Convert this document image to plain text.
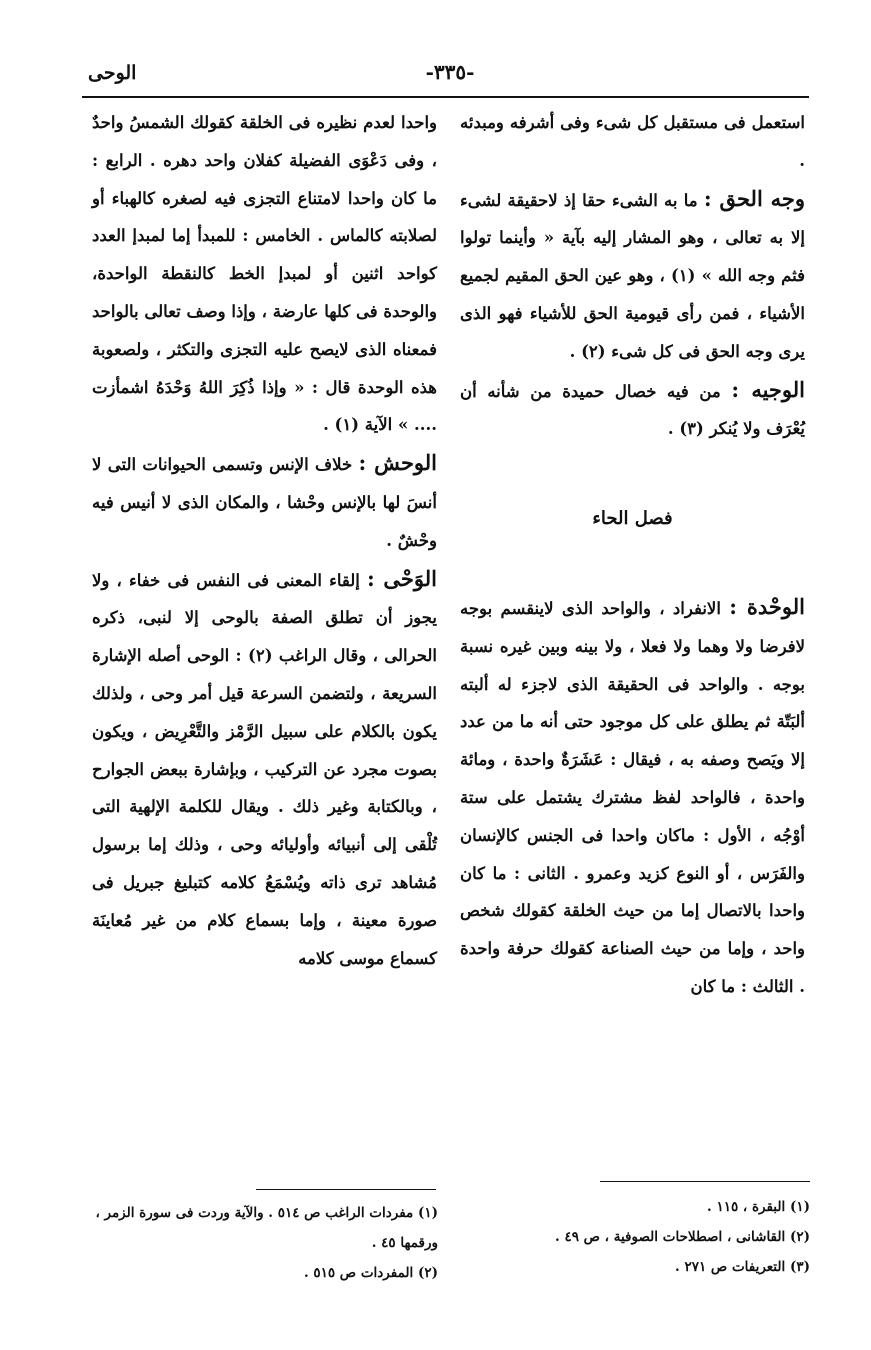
الوحى	-٣٣٥-

استعمل فى مستقبل كل شىء وفى أشرفه ومبدئه .

وجه الحق : ما به الشىء حقا إذ لاحقيقة لشىء إلا به تعالى ، وهو المشار إليه بآية « وأينما تولوا فثم وجه الله » (١) ، وهو عين الحق المقيم لجميع الأشياء ، فمن رأى قيومية الحق للأشياء فهو الذى يرى وجه الحق فى كل شىء (٢) .

الوجيه : من فيه خصال حميدة من شأنه أن يُعْرَف ولا يُنكر (٣) .

فصل الحاء

الوحْدة : الانفراد ، والواحد الذى لاينقسم بوجه لافرضا ولا وهما ولا فعلا ، ولا بينه وبين غيره نسبة بوجه . والواحد فى الحقيقة الذى لاجزء له ألبته ألبَتّة ثم يطلق على كل موجود حتى أنه ما من عدد إلا ويَصح وصفه به ، فيقال : عَشَرَةٌ واحدة ، ومائة واحدة ، فالواحد لفظ مشترك يشتمل على ستة أوْجُه ، الأول : ماكان واحدا فى الجنس كالإنسان والفَرَس ، أو النوع كزيد وعمرو . الثانى : ما كان واحدا بالاتصال إما من حيث الخلقة كقولك شخص واحد ، وإما من حيث الصناعة كقولك حرفة واحدة . الثالث : ما كان

واحدا لعدم نظيره فى الخلقة كقولك الشمسُ واحدٌ ، وفى دَعْوَى الفضيلة كفلان واحد دهره . الرابع : ما كان واحدا لامتناع التجزى فيه لصغره كالهباء أو لصلابته كالماس . الخامس : للمبدأ إما لمبدإ العدد كواحد اثنين أو لمبدإ الخط كالنقطة الواحدة، والوحدة فى كلها عارضة ، وإذا وصف تعالى بالواحد فمعناه الذى لايصح عليه التجزى والتكثر ، ولصعوبة هذه الوحدة قال : « وإذا ذُكِرَ اللهُ وَحْدَهُ اشمأزت .... » الآية (١) .

الوحش : خلاف الإنس وتسمى الحيوانات التى لا أنسَ لها بالإنس وحْشا ، والمكان الذى لا أنيس فيه وحْشٌ .

الوَحْى : إلقاء المعنى فى النفس فى خفاء ، ولا يجوز أن تطلق الصفة بالوحى إلا لنبى، ذكره الحرالى ، وقال الراغب (٢) : الوحى أصله الإشارة السريعة ، ولتضمن السرعة قيل أمر وحى ، ولذلك يكون بالكلام على سبيل الرَّمْز والتَّعْرِيض ، ويكون بصوت مجرد عن التركيب ، وبإشارة ببعض الجوارح ، وبالكتابة وغير ذلك . ويقال للكلمة الإلهية التى تُلْقى إلى أنبيائه وأوليائه وحى ، وذلك إما برسول مُشاهد ترى ذاته ويُسْمَعُ كلامه كتبليغ جبريل فى صورة معينة ، وإما بسماع كلام من غير مُعاينَة كسماع موسى كلامه

(١) البقرة ، ١١٥ .

(٢) القاشانى ، اصطلاحات الصوفية ، ص ٤٩ .

(٣) التعريفات ص ٢٧١ .

(١) مفردات الراغب ص ٥١٤ . والآية وردت فى سورة الزمر ، ورقمها ٤٥ .

(٢) المفردات ص ٥١٥ .
